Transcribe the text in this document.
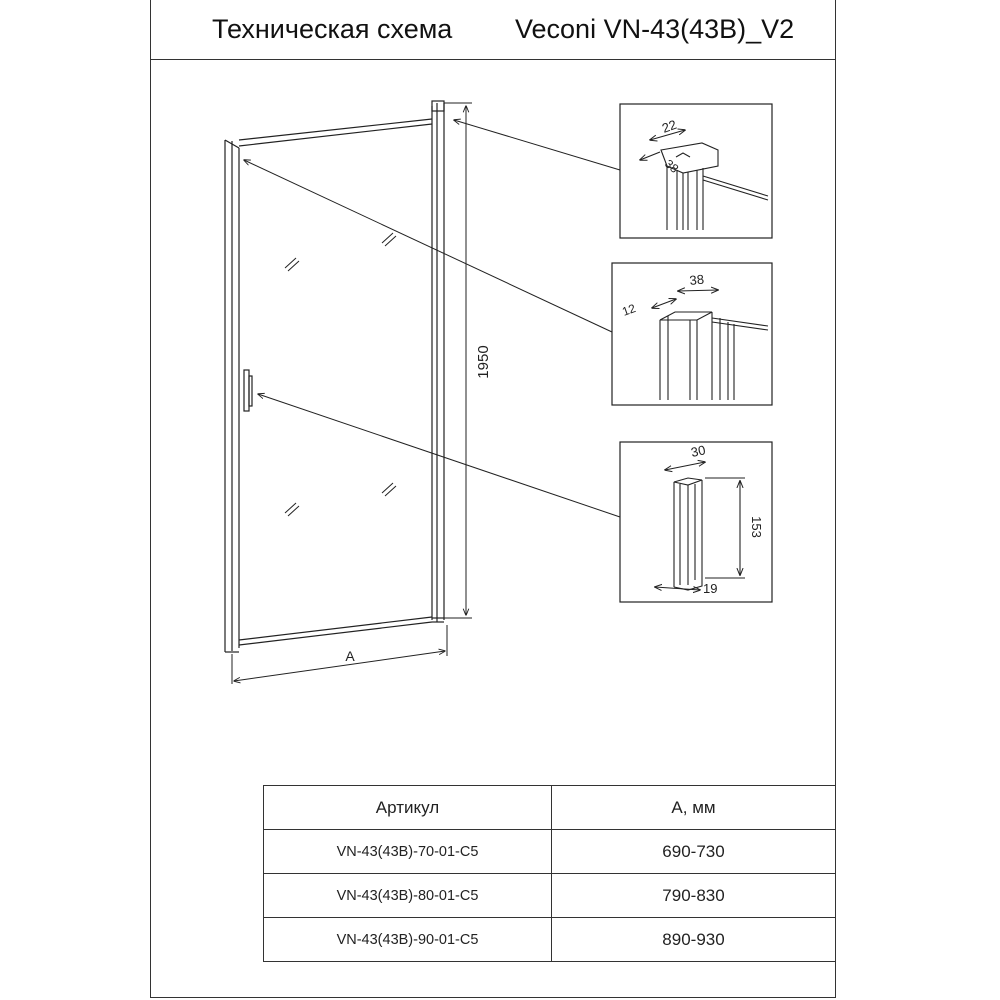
Техническая схема Veconi VN-43(43B)_V2
1950
A
22
38
38
12
30
153
19
Артикул	A, мм
VN-43(43B)-70-01-C5	690-730
VN-43(43B)-80-01-C5	790-830
VN-43(43B)-90-01-C5	890-930
